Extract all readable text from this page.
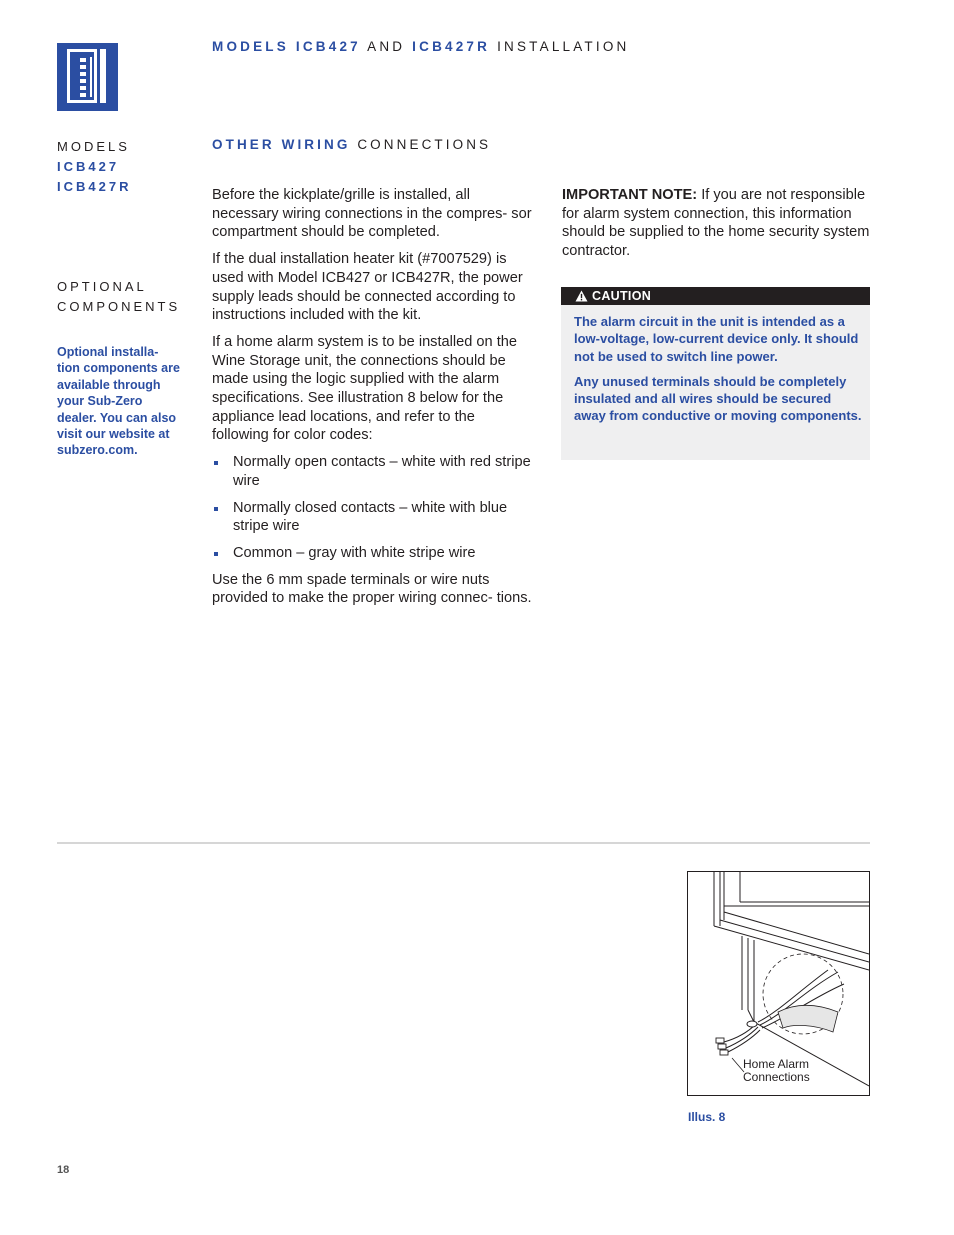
MODELS ICB427 AND ICB427R INSTALLATION
MODELS
ICB427
ICB427R
OPTIONAL
COMPONENTS
Optional installa- tion components are available through your Sub-Zero dealer. You can also visit our website at subzero.com.
OTHER WIRING CONNECTIONS

Before the kickplate/grille is installed, all necessary wiring connections in the compres- sor compartment should be completed.

If the dual installation heater kit (#7007529) is used with Model ICB427 or ICB427R, the power supply leads should be connected according to instructions included with the kit.

If a home alarm system is to be installed on the Wine Storage unit, the connections should be made using the logic supplied with the alarm specifications. See illustration 8 below for the appliance lead locations, and refer to the following for color codes:

Normally open contacts – white with red stripe wire
Normally closed contacts – white with blue stripe wire
Common – gray with white stripe wire

Use the 6 mm spade terminals or wire nuts provided to make the proper wiring connec- tions.

IMPORTANT NOTE: If you are not responsible for alarm system connection, this information should be supplied to the home security system contractor.
CAUTION

The alarm circuit in the unit is intended as a low-voltage, low-current device only. It should not be used to switch line power.

Any unused terminals should be completely insulated and all wires should be secured away from conductive or moving components.

Home Alarm
Connections
Illus. 8
18
